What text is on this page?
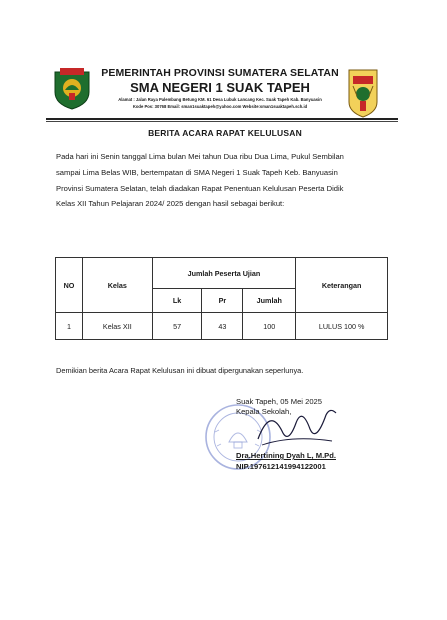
PEMERINTAH PROVINSI SUMATERA SELATAN
SMA NEGERI 1 SUAK TAPEH
Alamat : Jalan Raya Palembang Betung KM. 61 Desa Lubuk Lancang Kec. Suak Tapeh Kab. Banyuasin
Kode Pos: 30768 Email: sman1suaktapeh@yahoo.com Website:sman1suaktapeh.sch.id
BERITA ACARA RAPAT KELULUSAN
Pada hari ini Senin tanggal Lima bulan Mei tahun Dua ribu Dua Lima, Pukul Sembilan
sampai Lima Belas WIB, bertempatan di SMA Negeri 1 Suak Tapeh Keb. Banyuasin
Provinsi Sumatera Selatan, telah diadakan Rapat Penentuan Kelulusan Peserta Didik
Kelas XII Tahun Pelajaran 2024/ 2025 dengan hasil sebagai berikut:
NO	Kelas	Jumlah Peserta Ujian			Keterangan
		Lk	Pr	Jumlah	
1	Kelas XII	57	43	100	LULUS 100 %
Demikian berita Acara Rapat Kelulusan ini dibuat dipergunakan seperlunya.
Suak Tapeh, 05 Mei 2025
Kepala Sekolah,
Dra.Hertining Dyah L, M.Pd.
NIP.197612141994122001
